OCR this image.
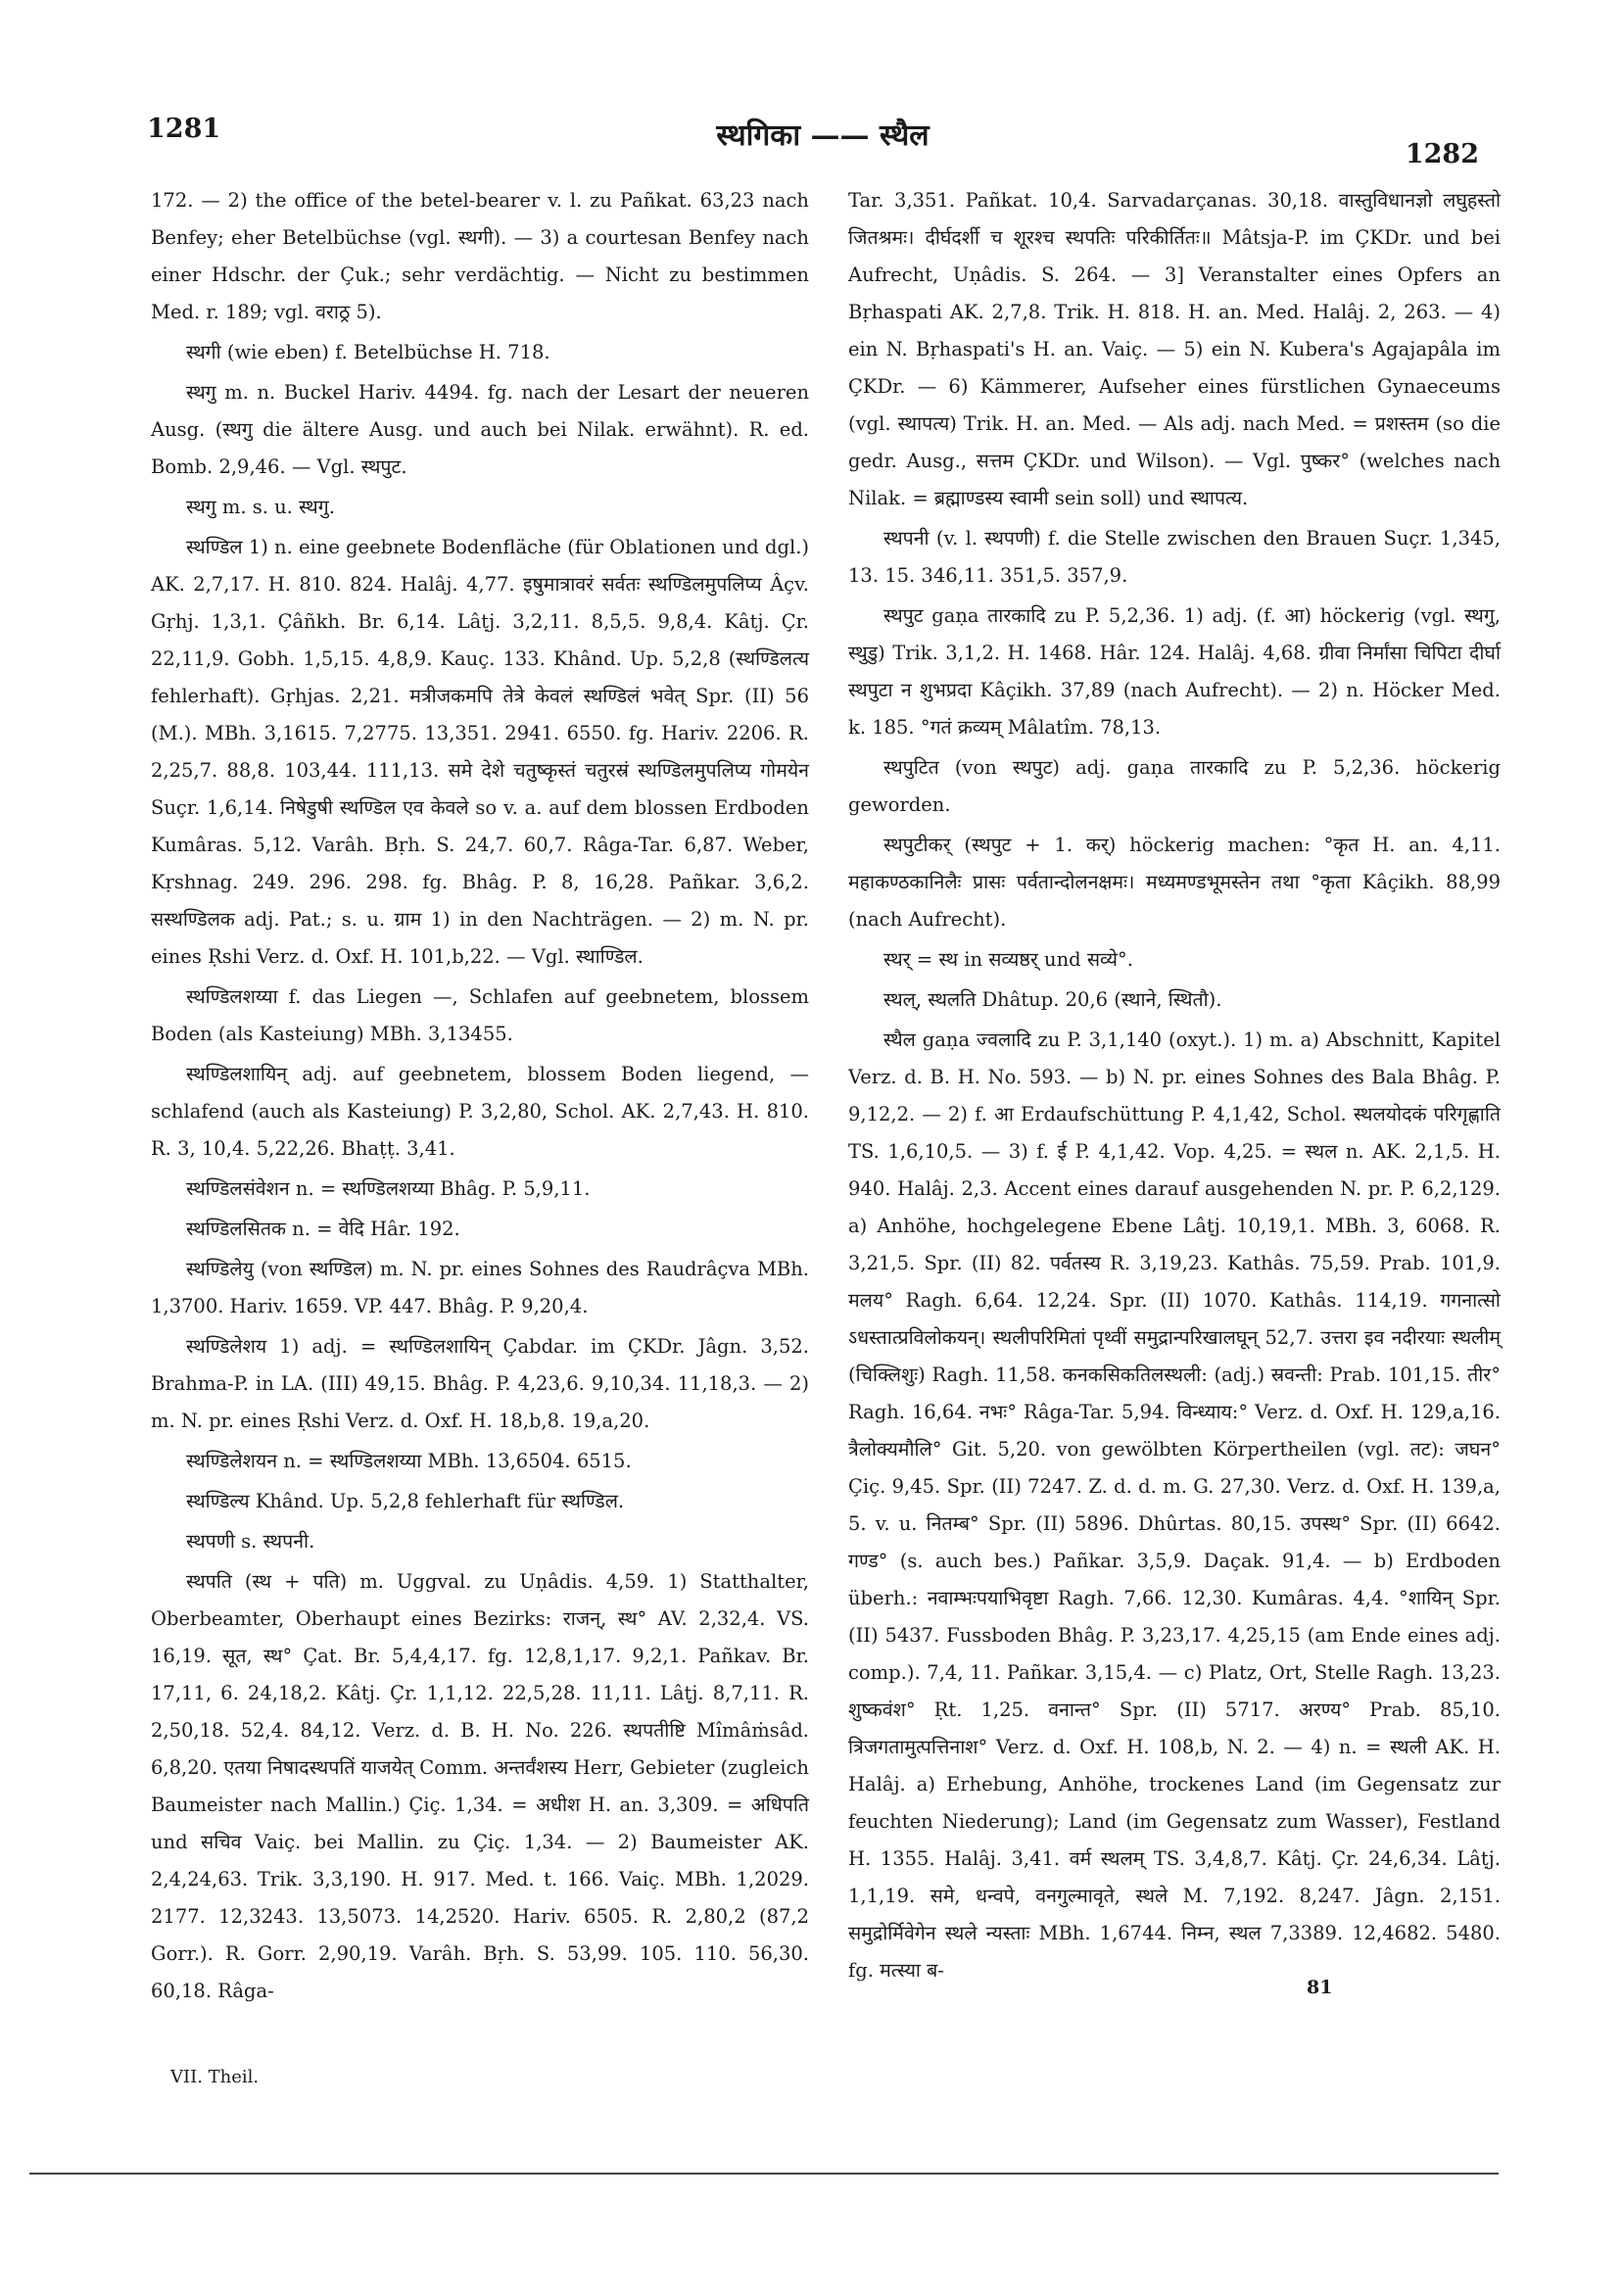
1281	स्थगिका —— स्थैल
1282

172. — 2) the office of the betel-bearer v. l. zu Pañkat. 63,23 nach Benfey; eher Betelbüchse (vgl. स्थगी). — 3) a courtesan Benfey nach einer Hdschr. der Çuk.; sehr verdächtig. — Nicht zu bestimmen Med. r. 189; vgl. वराठ्र 5).

स्थगी (wie eben) f. Betelbüchse H. 718.

स्थगु m. n. Buckel Hariv. 4494. fg. nach der Lesart der neueren Ausg. (स्थगु die ältere Ausg. und auch bei Nilak. erwähnt). R. ed. Bomb. 2,9,46. — Vgl. स्थपुट.

स्थगु m. s. u. स्थगु.

स्थण्डिल 1) n. eine geebnete Bodenfläche (für Oblationen und dgl.) AK. 2,7,17. H. 810. 824. Halâj. 4,77. इषुमात्रावरं सर्वतः स्थण्डिलमुपलिप्य Âçv. Gṛhj. 1,3,1. Çâñkh. Br. 6,14. Lâṭj. 3,2,11. 8,5,5. 9,8,4. Kâtj. Çr. 22,11,9. Gobh. 1,5,15. 4,8,9. Kauç. 133. Khând. Up. 5,2,8 (स्थण्डिलत्य fehlerhaft). Gṛhjas. 2,21. मत्रीजकमपि तेत्रे केवलं स्थण्डिलं भवेत् Spr. (II) 56 (M.). MBh. 3,1615. 7,2775. 13,351. 2941. 6550. fg. Hariv. 2206. R. 2,25,7. 88,8. 103,44. 111,13. समे देशे चतुष्कृस्तं चतुरस्रं स्थण्डिलमुपलिप्य गोमयेन Suçr. 1,6,14. निषेडुषी स्थण्डिल एव केवले so v. a. auf dem blossen Erdboden Kumâras. 5,12. Varâh. Bṛh. S. 24,7. 60,7. Râga-Tar. 6,87. Weber, Kṛshnag. 249. 296. 298. fg. Bhâg. P. 8, 16,28. Pañkar. 3,6,2. सस्थण्डिलक adj. Pat.; s. u. ग्राम 1) in den Nachträgen. — 2) m. N. pr. eines Ṛshi Verz. d. Oxf. H. 101,b,22. — Vgl. स्थाण्डिल.

स्थण्डिलशय्या f. das Liegen —, Schlafen auf geebnetem, blossem Boden (als Kasteiung) MBh. 3,13455.

स्थण्डिलशायिन् adj. auf geebnetem, blossem Boden liegend, — schlafend (auch als Kasteiung) P. 3,2,80, Schol. AK. 2,7,43. H. 810. R. 3, 10,4. 5,22,26. Bhaṭṭ. 3,41.

स्थण्डिलसंवेशन n. = स्थण्डिलशय्या Bhâg. P. 5,9,11.

स्थण्डिलसितक n. = वेदि Hâr. 192.

स्थण्डिलेयु (von स्थण्डिल) m. N. pr. eines Sohnes des Raudrâçva MBh. 1,3700. Hariv. 1659. VP. 447. Bhâg. P. 9,20,4.

स्थण्डिलेशय 1) adj. = स्थण्डिलशायिन् Çabdar. im ÇKDr. Jâgn. 3,52. Brahma-P. in LA. (III) 49,15. Bhâg. P. 4,23,6. 9,10,34. 11,18,3. — 2) m. N. pr. eines Ṛshi Verz. d. Oxf. H. 18,b,8. 19,a,20.

स्थण्डिलेशयन n. = स्थण्डिलशय्या MBh. 13,6504. 6515.

स्थण्डिल्य Khând. Up. 5,2,8 fehlerhaft für स्थण्डिल.

स्थपणी s. स्थपनी.

स्थपति (स्थ + पति) m. Uggval. zu Uṇâdis. 4,59. 1) Statthalter, Oberbeamter, Oberhaupt eines Bezirks: राजन्, स्थ° AV. 2,32,4. VS. 16,19. सूत, स्थ° Çat. Br. 5,4,4,17. fg. 12,8,1,17. 9,2,1. Pañkav. Br. 17,11, 6. 24,18,2. Kâtj. Çr. 1,1,12. 22,5,28. 11,11. Lâṭj. 8,7,11. R. 2,50,18. 52,4. 84,12. Verz. d. B. H. No. 226. स्थपतीष्टि Mîmâṁsâd. 6,8,20. एतया निषादस्थपतिं याजयेत् Comm. अन्तर्वंशस्य Herr, Gebieter (zugleich Baumeister nach Mallin.) Çiç. 1,34. = अधीश H. an. 3,309. = अधिपति und सचिव Vaiç. bei Mallin. zu Çiç. 1,34. — 2) Baumeister AK. 2,4,24,63. Trik. 3,3,190. H. 917. Med. t. 166. Vaiç. MBh. 1,2029. 2177. 12,3243. 13,5073. 14,2520. Hariv. 6505. R. 2,80,2 (87,2 Gorr.). R. Gorr. 2,90,19. Varâh. Bṛh. S. 53,99. 105. 110. 56,30. 60,18. Râga-

Tar. 3,351. Pañkat. 10,4. Sarvadarçanas. 30,18. वास्तुविधानज्ञो लघुहस्तो जितश्रमः। दीर्घदर्शी च शूरश्च स्थपतिः परिकीर्तितः॥ Mâtsja-P. im ÇKDr. und bei Aufrecht, Uṇâdis. S. 264. — 3] Veranstalter eines Opfers an Bṛhaspati AK. 2,7,8. Trik. H. 818. H. an. Med. Halâj. 2, 263. — 4) ein N. Bṛhaspati's H. an. Vaiç. — 5) ein N. Kubera's Agajapâla im ÇKDr. — 6) Kämmerer, Aufseher eines fürstlichen Gynaeceums (vgl. स्थापत्य) Trik. H. an. Med. — Als adj. nach Med. = प्रशस्तम (so die gedr. Ausg., सत्तम ÇKDr. und Wilson). — Vgl. पुष्कर° (welches nach Nilak. = ब्रह्माण्डस्य स्वामी sein soll) und स्थापत्य.

स्थपनी (v. l. स्थपणी) f. die Stelle zwischen den Brauen Suçr. 1,345, 13. 15. 346,11. 351,5. 357,9.

स्थपुट gaṇa तारकादि zu P. 5,2,36. 1) adj. (f. आ) höckerig (vgl. स्थगु, स्थुडु) Trik. 3,1,2. H. 1468. Hâr. 124. Halâj. 4,68. ग्रीवा निर्मांसा चिपिटा दीर्घा स्थपुटा न शुभप्रदा Kâçikh. 37,89 (nach Aufrecht). — 2) n. Höcker Med. k. 185. °गतं क्रव्यम् Mâlatîm. 78,13.

स्थपुटित (von स्थपुट) adj. gaṇa तारकादि zu P. 5,2,36. höckerig geworden.

स्थपुटीकर् (स्थपुट + 1. कर्) höckerig machen: °कृत H. an. 4,11. महाकण्ठकानिलैः प्रासः पर्वतान्दोलनक्षमः। मध्यमण्डभूमस्तेन तथा °कृता Kâçikh. 88,99 (nach Aufrecht).

स्थर् = स्थ in सव्यष्ठर् und सव्ये°.

स्थल्, स्थलति Dhâtup. 20,6 (स्थाने, स्थितौ).

स्थैल gaṇa ज्वलादि zu P. 3,1,140 (oxyt.). 1) m. a) Abschnitt, Kapitel Verz. d. B. H. No. 593. — b) N. pr. eines Sohnes des Bala Bhâg. P. 9,12,2. — 2) f. आ Erdaufschüttung P. 4,1,42, Schol. स्थलयोदकं परिगृह्णाति TS. 1,6,10,5. — 3) f. ई P. 4,1,42. Vop. 4,25. = स्थल n. AK. 2,1,5. H. 940. Halâj. 2,3. Accent eines darauf ausgehenden N. pr. P. 6,2,129. a) Anhöhe, hochgelegene Ebene Lâṭj. 10,19,1. MBh. 3, 6068. R. 3,21,5. Spr. (II) 82. पर्वतस्य R. 3,19,23. Kathâs. 75,59. Prab. 101,9. मलय° Ragh. 6,64. 12,24. Spr. (II) 1070. Kathâs. 114,19. गगनात्सो ऽधस्तात्प्रविलोकयन्। स्थलीपरिमितां पृथ्वीं समुद्रान्परिखालघून् 52,7. उत्तरा इव नदीरयाः स्थलीम् (चिक्लिशुः) Ragh. 11,58. कनकसिकतिलस्थली: (adj.) स्रवन्ती: Prab. 101,15. तीर° Ragh. 16,64. नभः° Râga-Tar. 5,94. विन्ध्याय:° Verz. d. Oxf. H. 129,a,16. त्रैलोक्यमौलि° Git. 5,20. von gewölbten Körpertheilen (vgl. तट): जघन° Çiç. 9,45. Spr. (II) 7247. Z. d. d. m. G. 27,30. Verz. d. Oxf. H. 139,a, 5. v. u. नितम्ब° Spr. (II) 5896. Dhûrtas. 80,15. उपस्थ° Spr. (II) 6642. गण्ड° (s. auch bes.) Pañkar. 3,5,9. Daçak. 91,4. — b) Erdboden überh.: नवाम्भःपयाभिवृष्टा Ragh. 7,66. 12,30. Kumâras. 4,4. °शायिन् Spr. (II) 5437. Fussboden Bhâg. P. 3,23,17. 4,25,15 (am Ende eines adj. comp.). 7,4, 11. Pañkar. 3,15,4. — c) Platz, Ort, Stelle Ragh. 13,23. शुष्कवंश° Ṛt. 1,25. वनान्त° Spr. (II) 5717. अरण्य° Prab. 85,10. त्रिजगतामुत्पत्तिनाश° Verz. d. Oxf. H. 108,b, N. 2. — 4) n. = स्थली AK. H. Halâj. a) Erhebung, Anhöhe, trockenes Land (im Gegensatz zur feuchten Niederung); Land (im Gegensatz zum Wasser), Festland H. 1355. Halâj. 3,41. वर्म स्थलम् TS. 3,4,8,7. Kâtj. Çr. 24,6,34. Lâṭj. 1,1,19. समे, धन्वपे, वनगुल्मावृते, स्थले M. 7,192. 8,247. Jâgn. 2,151. समुद्रोर्मिवेगेन स्थले न्यस्ताः MBh. 1,6744. निम्न, स्थल 7,3389. 12,4682. 5480. fg. मत्स्या ब-

81
VII. Theil.
